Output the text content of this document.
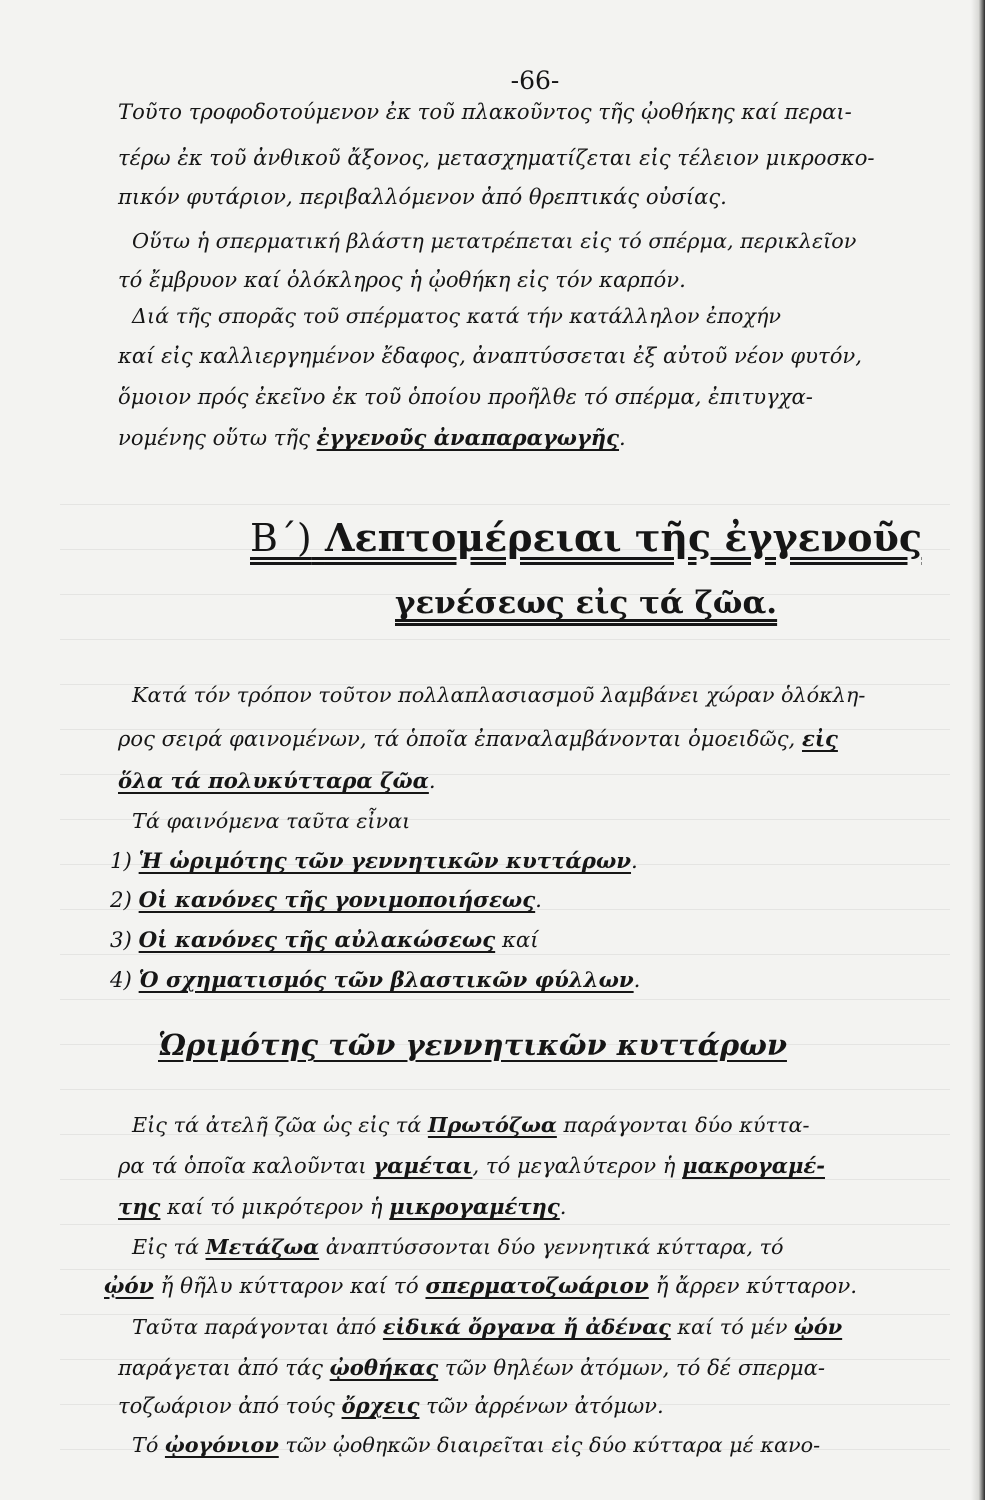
-66-
Τοῦτο τροφοδοτούμενον ἐκ τοῦ πλακοῦντος τῆς ᾠοθήκης καί περαι-
τέρω ἐκ τοῦ ἀνθικοῦ ἄξονος, μετασχηματίζεται εἰς τέλειον μικροσκο-
πικόν φυτάριον, περιβαλλόμενον ἀπό θρεπτικάς οὐσίας.
Οὕτω ἡ σπερματική βλάστη μετατρέπεται εἰς τό σπέρμα, περικλεῖον
τό ἔμβρυον καί ὁλόκληρος ἡ ᾠοθήκη εἰς τόν καρπόν.
Διά τῆς σπορᾶς τοῦ σπέρματος κατά τήν κατάλληλον ἐποχήν
καί εἰς καλλιεργημένον ἔδαφος, ἀναπτύσσεται ἐξ αὐτοῦ νέον φυτόν,
ὅμοιον πρός ἐκεῖνο ἐκ τοῦ ὁποίου προῆλθε τό σπέρμα, ἐπιτυγχα-
νομένης οὕτω τῆς ἐγγενοῦς ἀναπαραγωγῆς.
Κατά τόν τρόπον τοῦτον πολλαπλασιασμοῦ λαμβάνει χώραν ὁλόκλη-
ρος σειρά φαινομένων, τά ὁποῖα ἐπαναλαμβάνονται ὁμοειδῶς, εἰς
ὅλα τά πολυκύτταρα ζῶα.
Τά φαινόμενα ταῦτα εἶναι
1) Ἡ ὡριμότης τῶν γεννητικῶν κυττάρων.
2) Οἱ κανόνες τῆς γονιμοποιήσεως.
3) Οἱ κανόνες τῆς αὐλακώσεως καί
4) Ὁ σχηματισμός τῶν βλαστικῶν φύλλων.
Εἰς τά ἀτελῆ ζῶα ὡς εἰς τά Πρωτόζωα παράγονται δύο κύττα-
ρα τά ὁποῖα καλοῦνται γαμέται, τό μεγαλύτερον ἡ μακρογαμέ-
της καί τό μικρότερον ἡ μικρογαμέτης.
Εἰς τά Μετάζωα ἀναπτύσσονται δύο γεννητικά κύτταρα, τό
ᾠόν ἤ θῆλυ κύτταρον καί τό σπερματοζωάριον ἤ ἄρρεν κύτταρον.
Ταῦτα παράγονται ἀπό εἰδικά ὄργανα ἤ ἀδένας καί τό μέν ᾠόν
παράγεται ἀπό τάς ᾠοθήκας τῶν θηλέων ἀτόμων, τό δέ σπερμα-
τοζωάριον ἀπό τούς ὄρχεις τῶν ἀρρένων ἀτόμων.
Τό ᾠογόνιον τῶν ᾠοθηκῶν διαιρεῖται εἰς δύο κύτταρα μέ κανο-
Β΄) Λεπτομέρειαι τῆς ἐγγενοῦς
γενέσεως εἰς τά ζῶα.
Ὡριμότης τῶν γεννητικῶν κυττάρων
